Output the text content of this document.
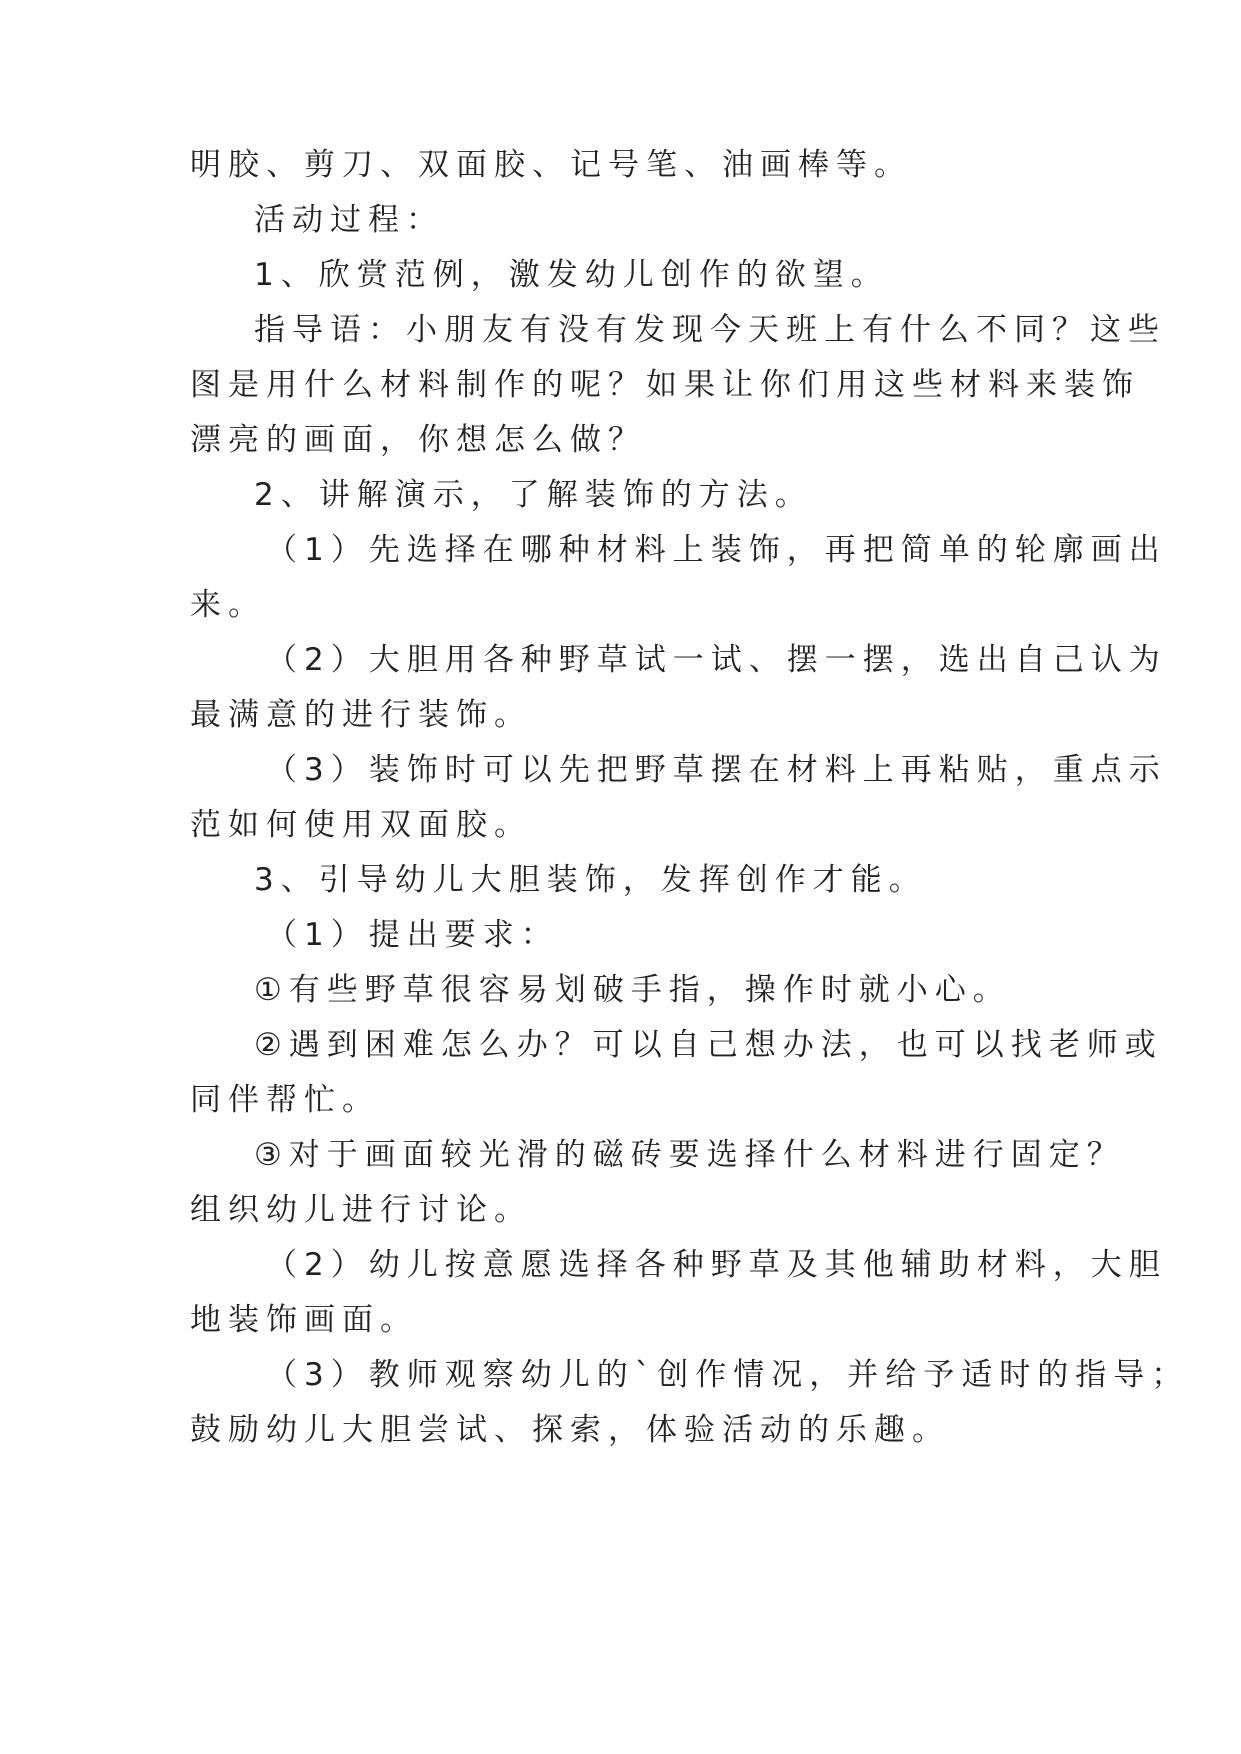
明胶、剪刀、双面胶、记号笔、油画棒等。
活动过程：
1、欣赏范例，激发幼儿创作的欲望。
指导语：小朋友有没有发现今天班上有什么不同？这些
图是用什么材料制作的呢？如果让你们用这些材料来装饰
漂亮的画面，你想怎么做？
2、讲解演示，了解装饰的方法。
（1）先选择在哪种材料上装饰，再把简单的轮廓画出
来。
（2）大胆用各种野草试一试、摆一摆，选出自己认为
最满意的进行装饰。
（3）装饰时可以先把野草摆在材料上再粘贴，重点示
范如何使用双面胶。
3、引导幼儿大胆装饰，发挥创作才能。
（1）提出要求：
①有些野草很容易划破手指，操作时就小心。
②遇到困难怎么办？可以自己想办法，也可以找老师或
同伴帮忙。
③对于画面较光滑的磁砖要选择什么材料进行固定？
组织幼儿进行讨论。
（2）幼儿按意愿选择各种野草及其他辅助材料，大胆
地装饰画面。
（3）教师观察幼儿的`创作情况，并给予适时的指导；
鼓励幼儿大胆尝试、探索，体验活动的乐趣。
